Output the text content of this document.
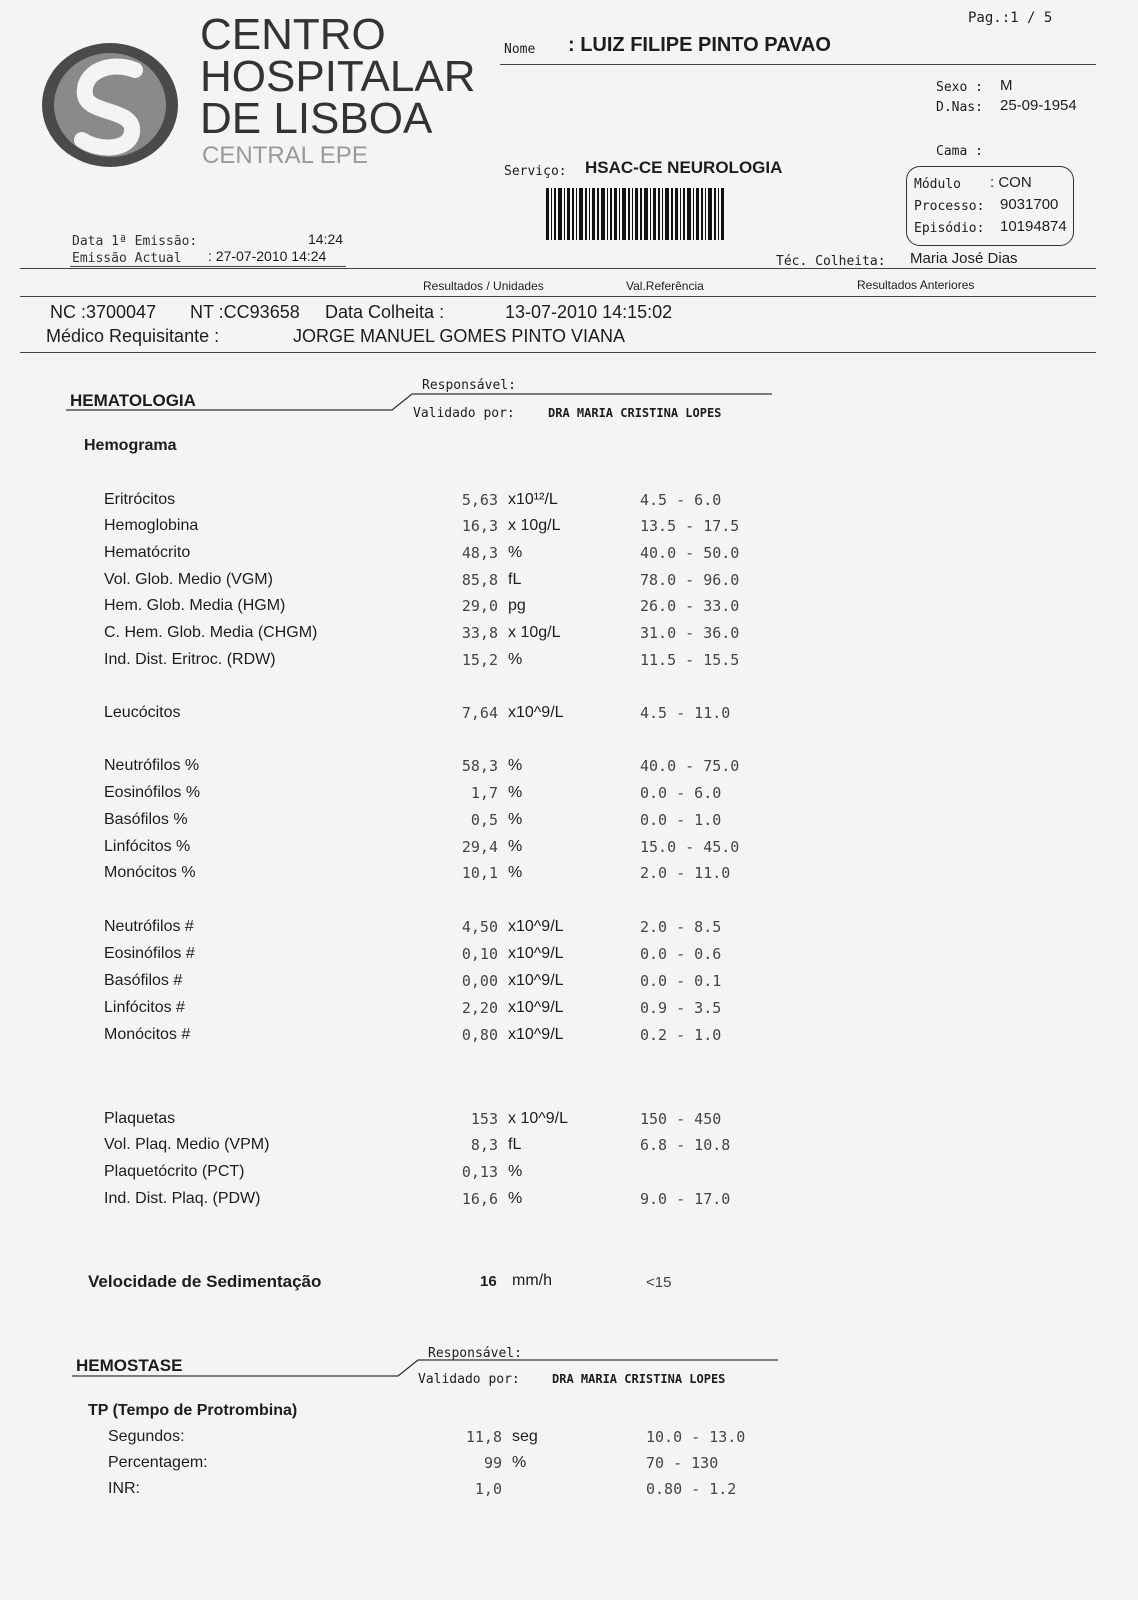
CENTRO
HOSPITALAR
DE LISBOA
CENTRAL EPE
Pag.:1 / 5
Nome : LUIZ FILIPE PINTO PAVAO
Sexo : M
D.Nas: 25-09-1954
Cama :
Módulo : CON
Processo: 9031700
Episódio: 10194874
Serviço: HSAC-CE NEUROLOGIA
Data 1ª Emissão:	14:24
Emissão Actual : 27-07-2010 14:24	Téc. Colheita: Maria José Dias
Resultados / Unidades	Val.Referência	Resultados Anteriores
NC :3700047 NT :CC93658 Data Colheita :	13-07-2010 14:15:02
Médico Requisitante :	JORGE MANUEL GOMES PINTO VIANA
HEMATOLOGIA
Responsável:
Validado por:	DRA MARIA CRISTINA LOPES
Hemograma
Eritrócitos	5,63 x10¹²/L	4.5 - 6.0
Hemoglobina	16,3 x 10g/L	13.5 - 17.5
Hematócrito	48,3 %	40.0 - 50.0
Vol. Glob. Medio (VGM)	85,8 fL	78.0 - 96.0
Hem. Glob. Media (HGM)	29,0 pg	26.0 - 33.0
C. Hem. Glob. Media (CHGM)	33,8 x 10g/L	31.0 - 36.0
Ind. Dist. Eritroc. (RDW)	15,2 %	11.5 - 15.5
Leucócitos	7,64 x10^9/L	4.5 - 11.0
Neutrófilos %	58,3 %	40.0 - 75.0
Eosinófilos %	1,7 %	0.0 - 6.0
Basófilos %	0,5 %	0.0 - 1.0
Linfócitos %	29,4 %	15.0 - 45.0
Monócitos %	10,1 %	2.0 - 11.0
Neutrófilos #	4,50 x10^9/L	2.0 - 8.5
Eosinófilos #	0,10 x10^9/L	0.0 - 0.6
Basófilos #	0,00 x10^9/L	0.0 - 0.1
Linfócitos #	2,20 x10^9/L	0.9 - 3.5
Monócitos #	0,80 x10^9/L	0.2 - 1.0
Plaquetas	153 x 10^9/L	150 - 450
Vol. Plaq. Medio (VPM)	8,3 fL	6.8 - 10.8
Plaquetócrito (PCT)	0,13 %
Ind. Dist. Plaq. (PDW)	16,6 %	9.0 - 17.0
Velocidade de Sedimentação	16 mm/h	<15
HEMOSTASE
Responsável:
Validado por:	DRA MARIA CRISTINA LOPES
TP (Tempo de Protrombina)
Segundos:	11,8 seg	10.0 - 13.0
Percentagem:	99 %	70 - 130
INR:	1,0	0.80 - 1.2
